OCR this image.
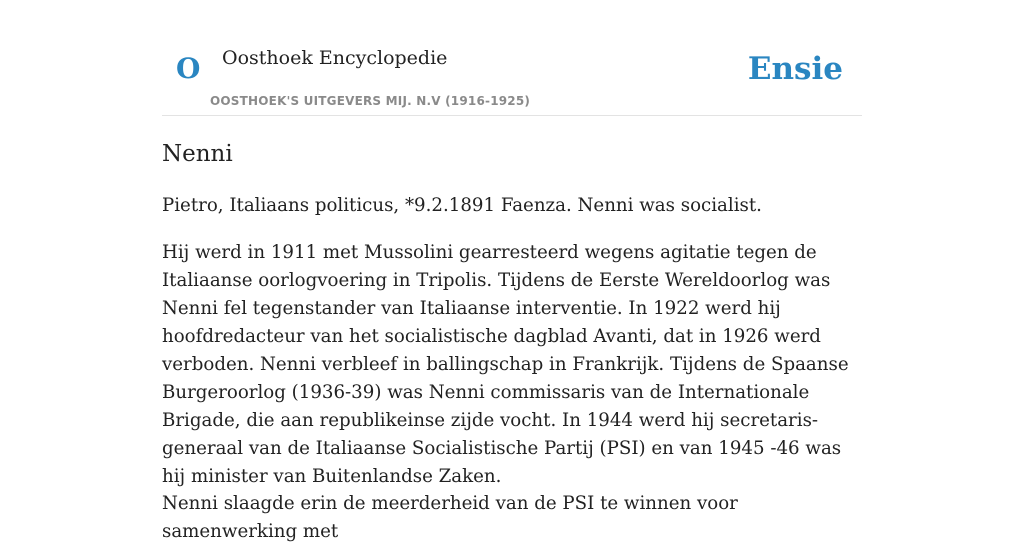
O Oosthoek Encyclopedie
OOSTHOEK'S UITGEVERS MIJ. N.V (1916-1925)
Ensie
Nenni

Pietro, Italiaans politicus, *9.2.1891 Faenza. Nenni was socialist.

Hij werd in 1911 met Mussolini gearresteerd wegens agitatie tegen de Italiaanse oorlogvoering in Tripolis. Tijdens de Eerste Wereldoorlog was Nenni fel tegenstander van Italiaanse interventie. In 1922 werd hij hoofdredacteur van het socialistische dagblad Avanti, dat in 1926 werd verboden. Nenni verbleef in ballingschap in Frankrijk. Tijdens de Spaanse Burgeroorlog (1936-39) was Nenni commissaris van de Internationale Brigade, die aan republikeinse zijde vocht. In 1944 werd hij secretaris-generaal van de Italiaanse Socialistische Partij (PSI) en van 1945 -46 was hij minister van Buitenlandse Zaken.

Nenni slaagde erin de meerderheid van de PSI te winnen voor samenwerking met
